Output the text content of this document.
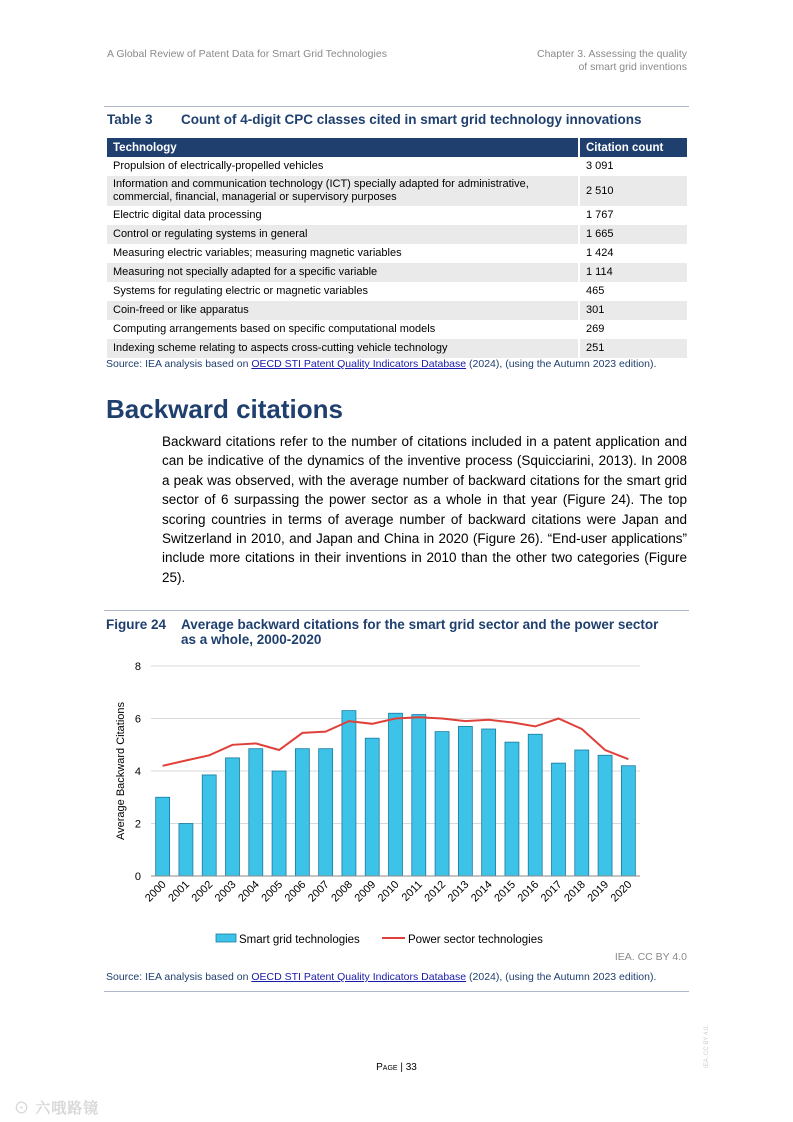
A Global Review of Patent Data for Smart Grid Technologies	Chapter 3. Assessing the quality
of smart grid inventions
Table 3 Count of 4-digit CPC classes cited in smart grid technology innovations
Technology	Citation count
Propulsion of electrically-propelled vehicles	3 091
Information and communication technology (ICT) specially adapted for administrative, commercial, financial, managerial or supervisory purposes	2 510
Electric digital data processing	1 767
Control or regulating systems in general	1 665
Measuring electric variables; measuring magnetic variables	1 424
Measuring not specially adapted for a specific variable	1 114
Systems for regulating electric or magnetic variables	465
Coin-freed or like apparatus	301
Computing arrangements based on specific computational models	269
Indexing scheme relating to aspects cross-cutting vehicle technology	251
Source: IEA analysis based on OECD STI Patent Quality Indicators Database (2024), (using the Autumn 2023 edition).
Backward citations
Backward citations refer to the number of citations included in a patent application and can be indicative of the dynamics of the inventive process (Squicciarini, 2013). In 2008 a peak was observed, with the average number of backward citations for the smart grid sector of 6 surpassing the power sector as a whole in that year (Figure 24). The top scoring countries in terms of average number of backward citations were Japan and Switzerland in 2010, and Japan and China in 2020 (Figure 26). “End-user applications” include more citations in their inventions in 2010 than the other two categories (Figure 25).
Figure 24 Average backward citations for the smart grid sector and the power sector
as a whole, 2000-2020
0
2
4
6
8
2000
2001
2002
2003
2004
2005
2006
2007
2008
2009
2010
2011
2012
2013
2014
2015
2016
2017
2018
2019
2020
Average Backward Citations
Smart grid technologies	Power sector technologies
IEA. CC BY 4.0
Source: IEA analysis based on OECD STI Patent Quality Indicators Database (2024), (using the Autumn 2023 edition).
Page | 33	IEA. CC BY 4.0.
⊙ 六哦路镜
